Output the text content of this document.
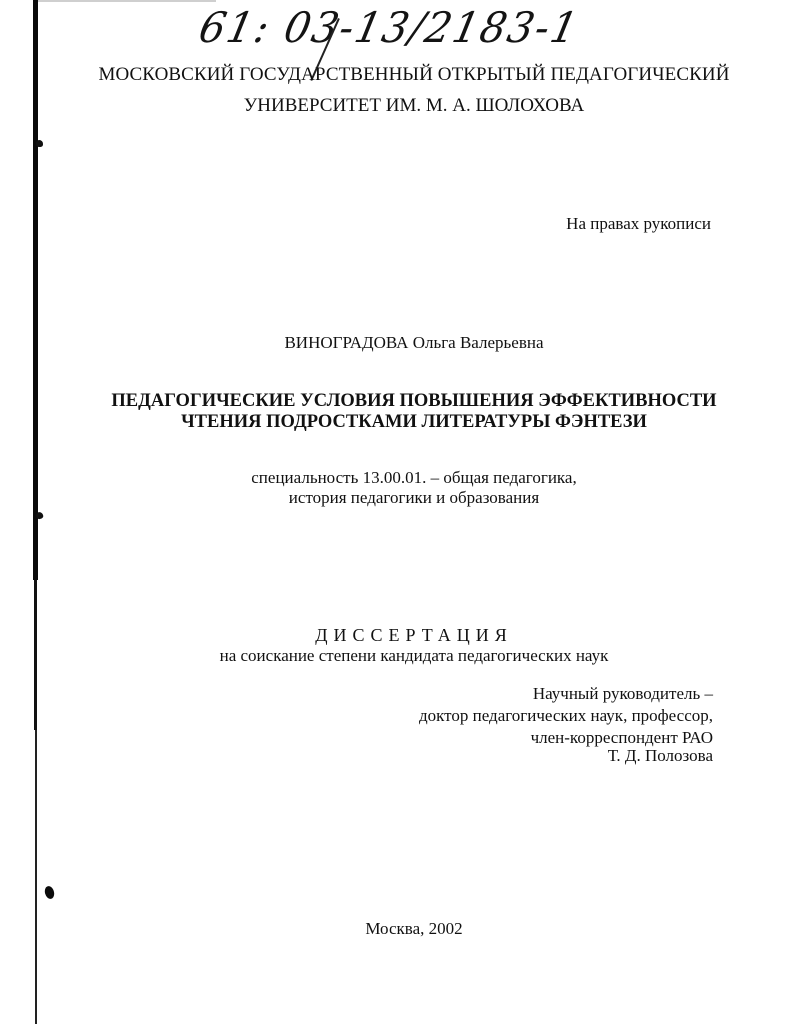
61: 03-13/2183-1
МОСКОВСКИЙ ГОСУДАРСТВЕННЫЙ ОТКРЫТЫЙ ПЕДАГОГИЧЕСКИЙ
УНИВЕРСИТЕТ ИМ. М. А. ШОЛОХОВА
На правах рукописи
ВИНОГРАДОВА Ольга Валерьевна
ПЕДАГОГИЧЕСКИЕ УСЛОВИЯ ПОВЫШЕНИЯ ЭФФЕКТИВНОСТИ
ЧТЕНИЯ ПОДРОСТКАМИ ЛИТЕРАТУРЫ ФЭНТЕЗИ
специальность 13.00.01. – общая педагогика,
история педагогики и образования
ДИССЕРТАЦИЯ
на соискание степени кандидата педагогических наук
Научный руководитель –
доктор педагогических наук, профессор,
член-корреспондент РАО
Т. Д. Полозова
Москва, 2002
